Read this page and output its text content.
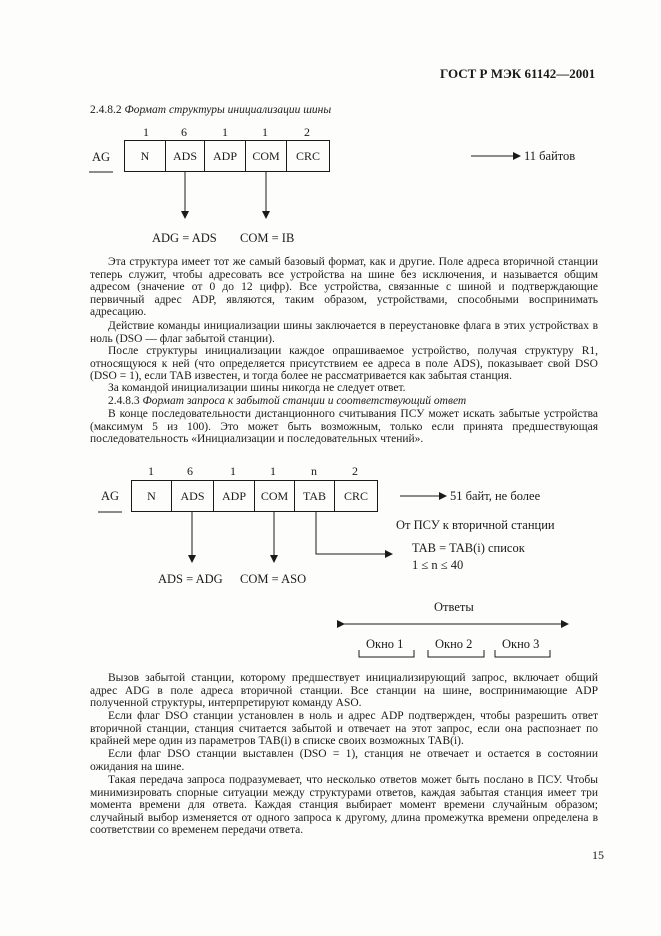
ГОСТ Р МЭК 61142—2001
2.4.8.2 Формат структуры инициализации шины
1	6	1	1	2
AG	N	ADS	ADP	COM	CRC	11 байтов
ADG = ADS COM = IB

Эта структура имеет тот же самый базовый формат, как и другие. Поле адреса вторичной станции теперь служит, чтобы адресовать все устройства на шине без исключения, и называется общим адресом (значение от 0 до 12 цифр). Все устройства, связанные с шиной и подтверждающие первичный адрес ADP, являются, таким образом, устройствами, способными воспринимать адресацию.

Действие команды инициализации шины заключается в переустановке флага в этих устройствах в ноль (DSO — флаг забытой станции).

После структуры инициализации каждое опрашиваемое устройство, получая структуру R1, относящуюся к ней (что определяется присутствием ее адреса в поле ADS), показывает свой DSO (DSO = 1), если TAB известен, и тогда более не рассматривается как забытая станция.

За командой инициализации шины никогда не следует ответ.

2.4.8.3 Формат запроса к забытой станции и соответствующий ответ

В конце последовательности дистанционного считывания ПСУ может искать забытые устройства (максимум 5 из 100). Это может быть возможным, только если принята предшествующая последовательность «Инициализации и последовательных чтений».

1	6	1	1	n	2
AG	N	ADS	ADP	COM	TAB	CRC	51 байт, не более
От ПСУ к вторичной станции
TAB = TAB(i) список
1 ≤ n ≤ 40
ADS = ADG COM = ASO
Ответы
Окно 1	Окно 2 Окно 3

Вызов забытой станции, которому предшествует инициализирующий запрос, включает общий адрес ADG в поле адреса вторичной станции. Все станции на шине, воспринимающие ADP полученной структуры, интерпретируют команду ASO.

Если флаг DSO станции установлен в ноль и адрес ADP подтвержден, чтобы разрешить ответ вторичной станции, станция считается забытой и отвечает на этот запрос, если она распознает по крайней мере один из параметров TAB(i) в списке своих возможных TAB(i).

Если флаг DSO станции выставлен (DSO = 1), станция не отвечает и остается в состоянии ожидания на шине.

Такая передача запроса подразумевает, что несколько ответов может быть послано в ПСУ. Чтобы минимизировать спорные ситуации между структурами ответов, каждая забытая станция имеет три момента времени для ответа. Каждая станция выбирает момент времени случайным образом; случайный выбор изменяется от одного запроса к другому, длина промежутка времени определена в соответствии со временем передачи ответа.

15
